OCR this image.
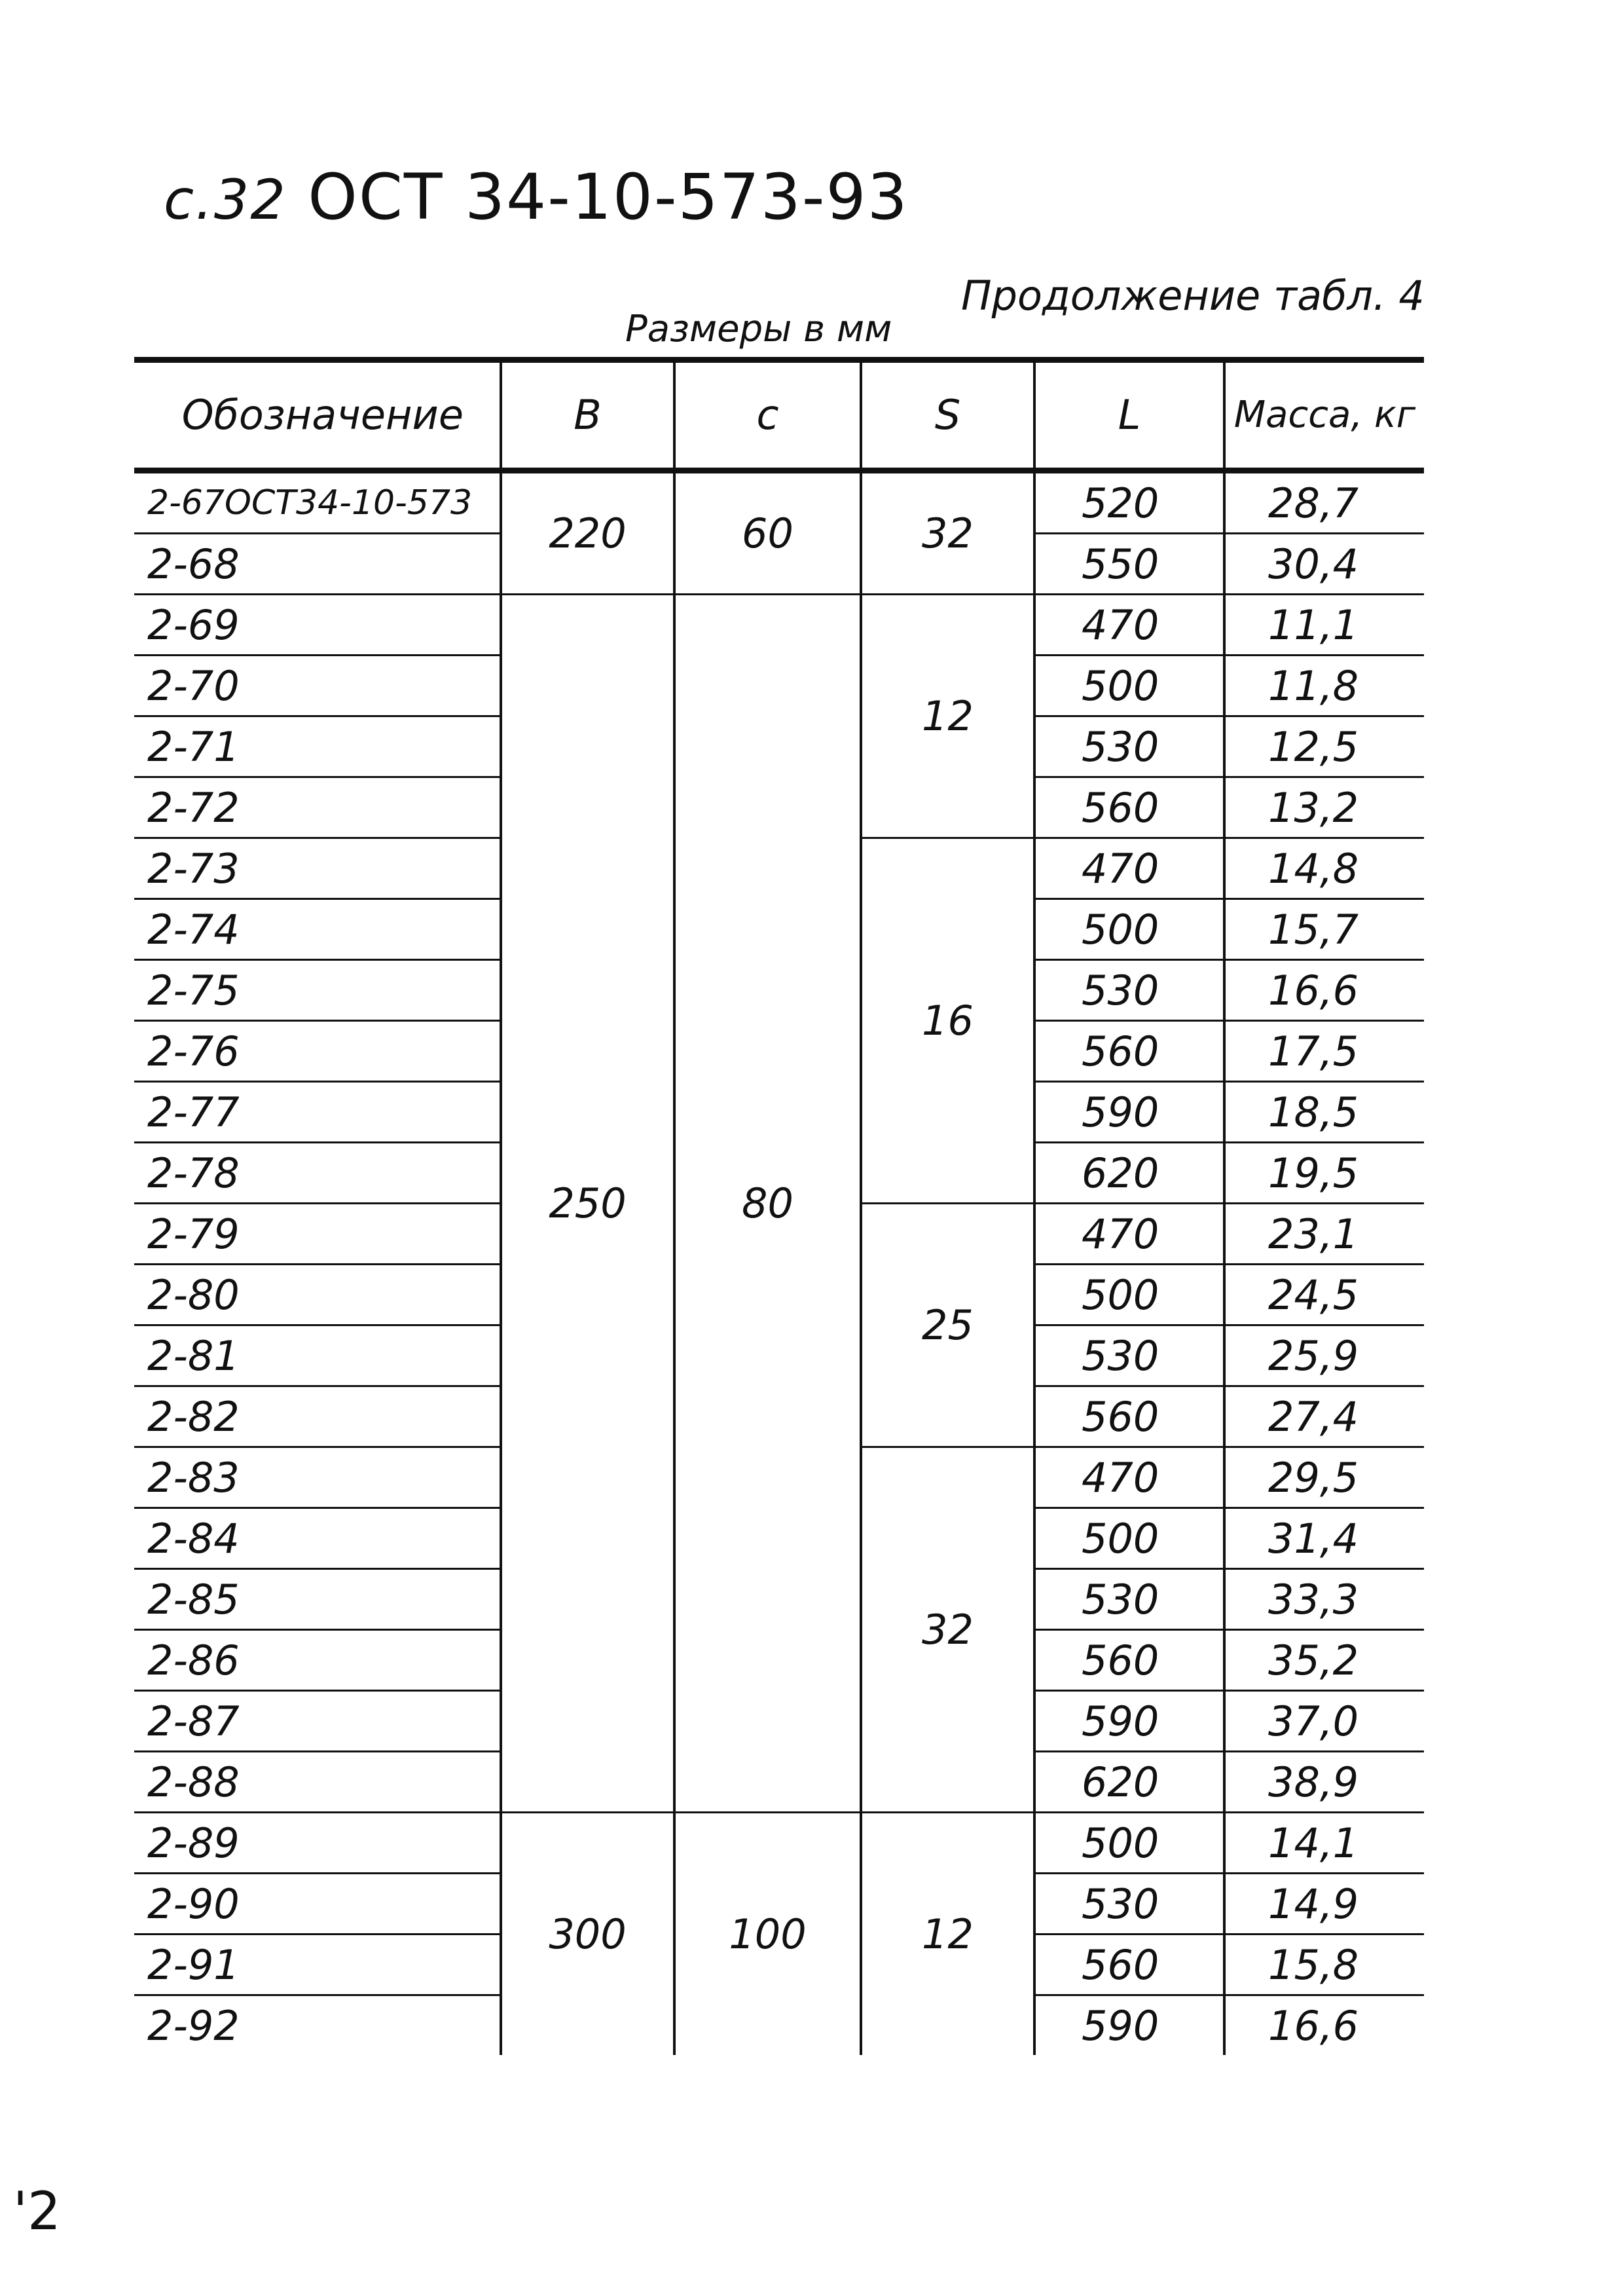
с.32 ОСТ 34-10-573-93
Продолжение табл. 4
Размеры в мм
Обозначение	B	c	S	L	Масса, кг
2-67ОСТ34-10-573	220	60	32	520	28,7
2-68				550	30,4
2-69	250	80	12	470	11,1
2-70				500	11,8
2-71				530	12,5
2-72				560	13,2
2-73			16	470	14,8
2-74				500	15,7
2-75				530	16,6
2-76				560	17,5
2-77				590	18,5
2-78				620	19,5
2-79			25	470	23,1
2-80				500	24,5
2-81				530	25,9
2-82				560	27,4
2-83			32	470	29,5
2-84				500	31,4
2-85				530	33,3
2-86				560	35,2
2-87				590	37,0
2-88				620	38,9
2-89	300	100	12	500	14,1
2-90				530	14,9
2-91				560	15,8
2-92				590	16,6
'2
